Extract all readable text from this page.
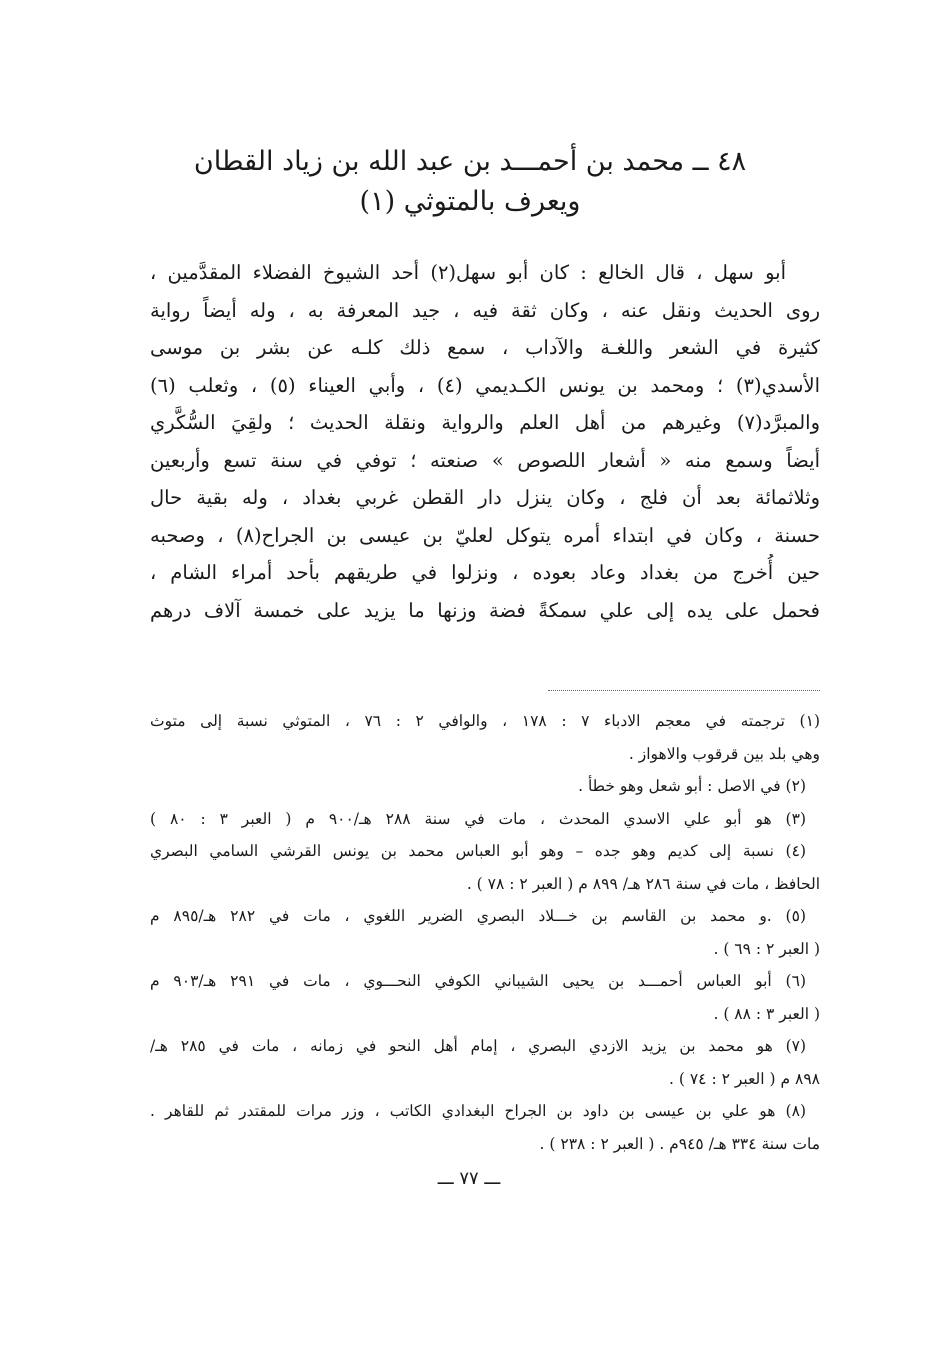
٤٨ ــ محمد بن أحمـــد بن عبد الله بن زياد القطان
ويعرف بالمتوثي (١)
أبو سهل ، قال الخالع : كان أبو سهل(٢) أحد الشيوخ الفضلاء المقدَّمين ،
روى الحديث ونقل عنه ، وكان ثقة فيه ، جيد المعرفة به ، وله أيضاً رواية
كثيرة في الشعر واللغـة والآداب ، سمع ذلك كلـه عن بشر بن موسى
الأسدي(٣) ؛ ومحمد بن يونس الكـديمي (٤) ، وأبي العيناء (٥) ، وثعلب (٦)
والمبرَّد(٧) وغيرهم من أهل العلم والرواية ونقلة الحديث ؛ ولقِيَ السُّكَّري
أيضاً وسمع منه « أشعار اللصوص » صنعته ؛ توفي في سنة تسع وأربعين
وثلاثمائة بعد أن فلج ، وكان ينزل دار القطن غربي بغداد ، وله بقية حال
حسنة ، وكان في ابتداء أمره يتوكل لعليّ بن عيسى بن الجراح(٨) ، وصحبه
حين أُخرج من بغداد وعاد بعوده ، ونزلوا في طريقهم بأحد أمراء الشام ،
فحمل على يده إلى علي سمكةً فضة وزنها ما يزيد على خمسة آلاف درهم
(١) ترجمته في معجم الادباء ٧ : ١٧٨ ، والوافي ٢ : ٧٦ ، المتوثي نسبة إلى متوث
وهي بلد بين قرقوب والاهواز .
(٢) في الاصل : أبو شعل وهو خطأ .
(٣) هو أبو علي الاسدي المحدث ، مات في سنة ٢٨٨ هـ/٩٠٠ م ( العبر ٣ : ٨٠ )
(٤) نسبة إلى كديم وهو جده – وهو أبو العباس محمد بن يونس القرشي السامي البصري
الحافظ ، مات في سنة ٢٨٦ هـ/ ٨٩٩ م ( العبر ٢ : ٧٨ ) .
(٥) .و محمد بن القاسم بن خـــلاد البصري الضرير اللغوي ، مات في ٢٨٢ هـ/٨٩٥ م
( العبر ٢ : ٦٩ ) .
(٦) أبو العباس أحمـــد بن يحيى الشيباني الكوفي النحـــوي ، مات في ٢٩١ هـ/٩٠٣ م
( العبر ٣ : ٨٨ ) .
(٧) هو محمد بن يزيد الازدي البصري ، إمام أهل النحو في زمانه ، مات في ٢٨٥ هـ/
٨٩٨ م ( العبر ٢ : ٧٤ ) .
(٨) هو علي بن عيسى بن داود بن الجراح البغدادي الكاتب ، وزر مرات للمقتدر ثم للقاهر .
مات سنة ٣٣٤ هـ/ ٩٤٥م . ( العبر ٢ : ٢٣٨ ) .
ـــ ٧٧ ـــ
